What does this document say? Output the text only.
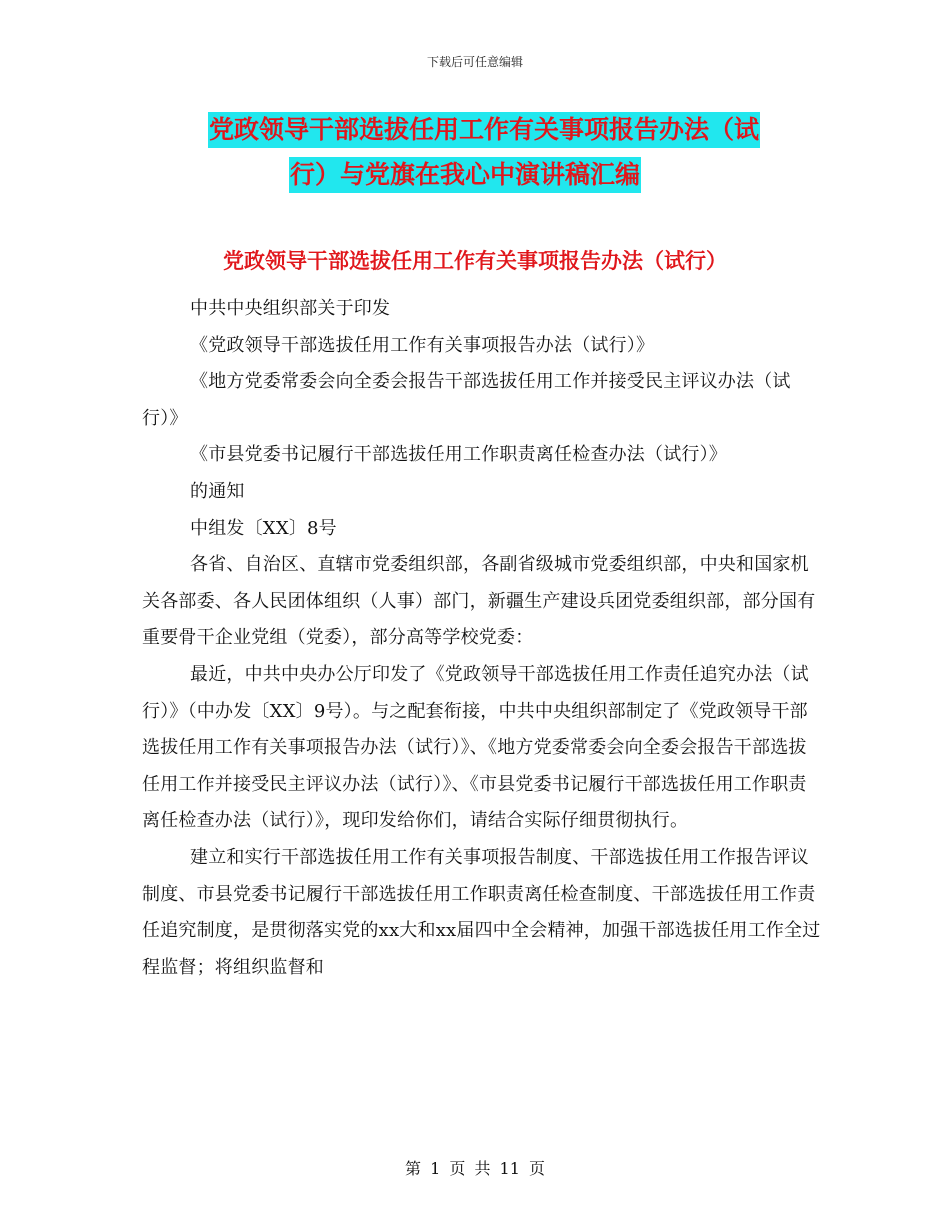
下载后可任意编辑
党政领导干部选拔任用工作有关事项报告办法（试
行）与党旗在我心中演讲稿汇编
党政领导干部选拔任用工作有关事项报告办法（试行）

中共中央组织部关于印发

《党政领导干部选拔任用工作有关事项报告办法（试行）》

《地方党委常委会向全委会报告干部选拔任用工作并接受民主评议办法（试行）》

《市县党委书记履行干部选拔任用工作职责离任检查办法（试行）》

的通知

中组发〔XX〕8号

各省、自治区、直辖市党委组织部，各副省级城市党委组织部，中央和国家机关各部委、各人民团体组织（人事）部门，新疆生产建设兵团党委组织部，部分国有重要骨干企业党组（党委），部分高等学校党委：

最近，中共中央办公厅印发了《党政领导干部选拔任用工作责任追究办法（试行）》（中办发〔XX〕9号）。与之配套衔接，中共中央组织部制定了《党政领导干部选拔任用工作有关事项报告办法（试行）》、《地方党委常委会向全委会报告干部选拔任用工作并接受民主评议办法（试行）》、《市县党委书记履行干部选拔任用工作职责离任检查办法（试行）》，现印发给你们，请结合实际仔细贯彻执行。

建立和实行干部选拔任用工作有关事项报告制度、干部选拔任用工作报告评议制度、市县党委书记履行干部选拔任用工作职责离任检查制度、干部选拔任用工作责任追究制度，是贯彻落实党的xx大和xx届四中全会精神，加强干部选拔任用工作全过程监督；将组织监督和

第 1 页 共 11 页
